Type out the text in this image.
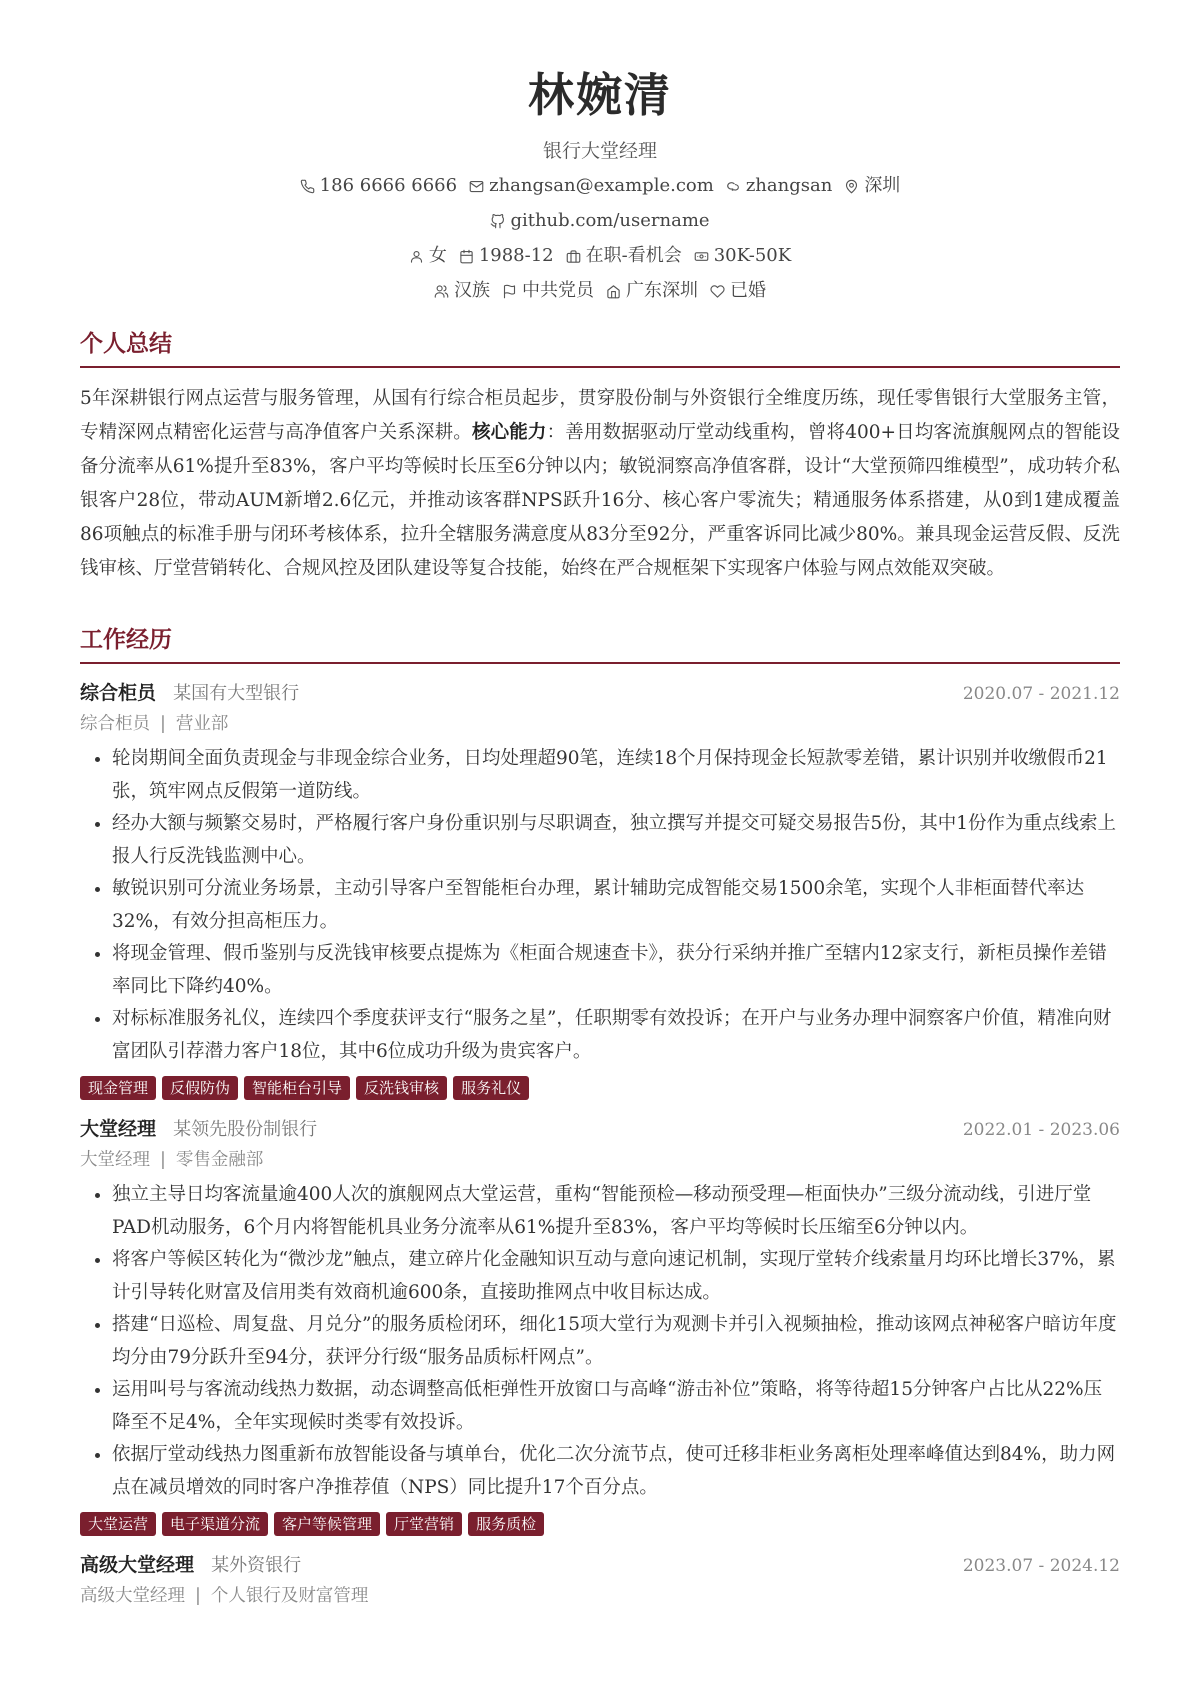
林婉清
银行大堂经理
186 6666 6666 zhangsan@example.com zhangsan 深圳
github.com/username
女 1988-12 在职-看机会 30K-50K
汉族 中共党员 广东深圳 已婚
个人总结
5年深耕银行网点运营与服务管理，从国有行综合柜员起步，贯穿股份制与外资银行全维度历练，现任零售银行大堂服务主管，专精深网点精密化运营与高净值客户关系深耕。核心能力：善用数据驱动厅堂动线重构，曾将400+日均客流旗舰网点的智能设备分流率从61%提升至83%，客户平均等候时长压至6分钟以内；敏锐洞察高净值客群，设计“大堂预筛四维模型”，成功转介私银客户28位，带动AUM新增2.6亿元，并推动该客群NPS跃升16分、核心客户零流失；精通服务体系搭建，从0到1建成覆盖86项触点的标准手册与闭环考核体系，拉升全辖服务满意度从83分至92分，严重客诉同比减少80%。兼具现金运营反假、反洗钱审核、厅堂营销转化、合规风控及团队建设等复合技能，始终在严合规框架下实现客户体验与网点效能双突破。
工作经历
综合柜员 某国有大型银行	2020.07 - 2021.12
综合柜员 | 营业部
• 轮岗期间全面负责现金与非现金综合业务，日均处理超90笔，连续18个月保持现金长短款零差错，累计识别并收缴假币21张，筑牢网点反假第一道防线。
• 经办大额与频繁交易时，严格履行客户身份重识别与尽职调查，独立撰写并提交可疑交易报告5份，其中1份作为重点线索上报人行反洗钱监测中心。
• 敏锐识别可分流业务场景，主动引导客户至智能柜台办理，累计辅助完成智能交易1500余笔，实现个人非柜面替代率达32%，有效分担高柜压力。
• 将现金管理、假币鉴别与反洗钱审核要点提炼为《柜面合规速查卡》，获分行采纳并推广至辖内12家支行，新柜员操作差错率同比下降约40%。
• 对标标准服务礼仪，连续四个季度获评支行“服务之星”，任职期零有效投诉；在开户与业务办理中洞察客户价值，精准向财富团队引荐潜力客户18位，其中6位成功升级为贵宾客户。
现金管理	反假防伪	智能柜台引导	反洗钱审核	服务礼仪
大堂经理 某领先股份制银行	2022.01 - 2023.06
大堂经理 | 零售金融部
• 独立主导日均客流量逾400人次的旗舰网点大堂运营，重构“智能预检—移动预受理—柜面快办”三级分流动线，引进厅堂PAD机动服务，6个月内将智能机具业务分流率从61%提升至83%，客户平均等候时长压缩至6分钟以内。
• 将客户等候区转化为“微沙龙”触点，建立碎片化金融知识互动与意向速记机制，实现厅堂转介线索量月均环比增长37%，累计引导转化财富及信用类有效商机逾600条，直接助推网点中收目标达成。
• 搭建“日巡检、周复盘、月兑分”的服务质检闭环，细化15项大堂行为观测卡并引入视频抽检，推动该网点神秘客户暗访年度均分由79分跃升至94分，获评分行级“服务品质标杆网点”。
• 运用叫号与客流动线热力数据，动态调整高低柜弹性开放窗口与高峰“游击补位”策略，将等待超15分钟客户占比从22%压降至不足4%，全年实现候时类零有效投诉。
• 依据厅堂动线热力图重新布放智能设备与填单台，优化二次分流节点，使可迁移非柜业务离柜处理率峰值达到84%，助力网点在减员增效的同时客户净推荐值（NPS）同比提升17个百分点。
大堂运营	电子渠道分流	客户等候管理	厅堂营销	服务质检
高级大堂经理 某外资银行	2023.07 - 2024.12
高级大堂经理 | 个人银行及财富管理
